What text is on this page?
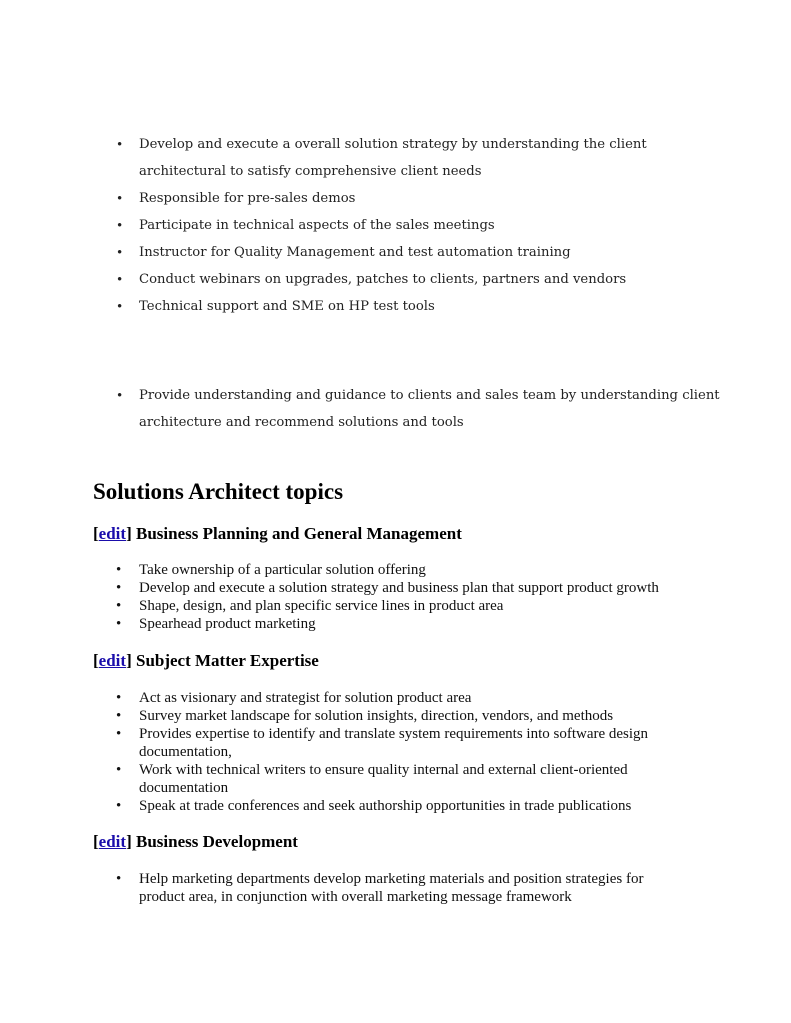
• Develop and execute a overall solution strategy by understanding the client
architectural to satisfy comprehensive client needs
• Responsible for pre-sales demos
• Participate in technical aspects of the sales meetings
• Instructor for Quality Management and test automation training
• Conduct webinars on upgrades, patches to clients, partners and vendors
• Technical support and SME on HP test tools
• Provide understanding and guidance to clients and sales team by understanding client
architecture and recommend solutions and tools
Solutions Architect topics
[edit] Business Planning and General Management
• Take ownership of a particular solution offering
• Develop and execute a solution strategy and business plan that support product growth
• Shape, design, and plan specific service lines in product area
• Spearhead product marketing
[edit] Subject Matter Expertise
• Act as visionary and strategist for solution product area
• Survey market landscape for solution insights, direction, vendors, and methods
• Provides expertise to identify and translate system requirements into software design documentation,
• Work with technical writers to ensure quality internal and external client-oriented documentation
• Speak at trade conferences and seek authorship opportunities in trade publications
[edit] Business Development
• Help marketing departments develop marketing materials and position strategies for product area, in conjunction with overall marketing message framework
